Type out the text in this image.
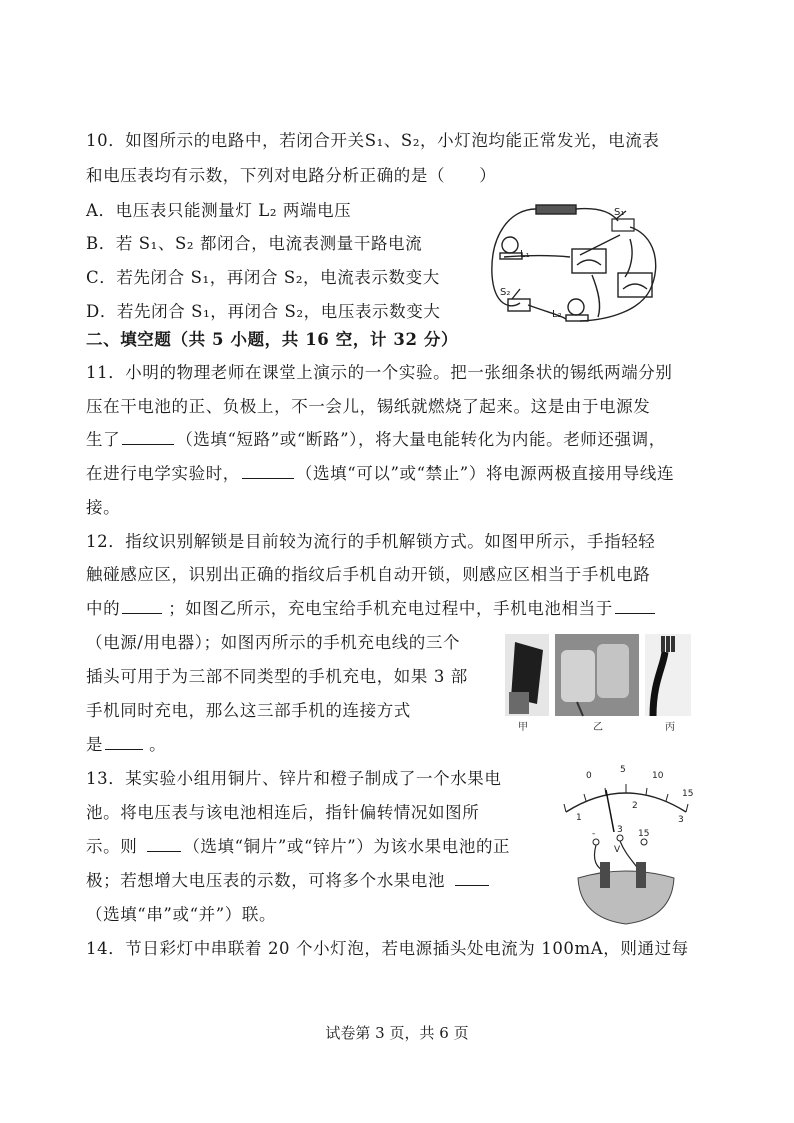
10．如图所示的电路中，若闭合开关S₁、S₂，小灯泡均能正常发光，电流表
和电压表均有示数，下列对电路分析正确的是（　　）
A．电压表只能测量灯 L₂ 两端电压
B．若 S₁、S₂ 都闭合，电流表测量干路电流
C．若先闭合 S₁，再闭合 S₂，电流表示数变大
D．若先闭合 S₁，再闭合 S₂，电压表示数变大
S₁
L₁
S₂
L₂
二、填空题（共 5 小题，共 16 空，计 32 分）
11．小明的物理老师在课堂上演示的一个实验。把一张细条状的锡纸两端分别
压在干电池的正、负极上，不一会儿，锡纸就燃烧了起来。这是由于电源发
生了	（选填“短路”或“断路”），将大量电能转化为内能。老师还强调，
在进行电学实验时，	（选填“可以”或“禁止”）将电源两极直接用导线连
接。
12．指纹识别解锁是目前较为流行的手机解锁方式。如图甲所示，手指轻轻
触碰感应区，识别出正确的指纹后手机自动开锁，则感应区相当于手机电路
中的	；如图乙所示，充电宝给手机充电过程中，手机电池相当于
（电源/用电器）；如图丙所示的手机充电线的三个
插头可用于为三部不同类型的手机充电，如果 3 部
手机同时充电，那么这三部手机的连接方式
是	。
甲	乙	丙
13．某实验小组用铜片、锌片和橙子制成了一个水果电
池。将电压表与该电池相连后，指针偏转情况如图所
示。则	（选填“铜片”或“锌片”）为该水果电池的正
极；若想增大电压表的示数，可将多个水果电池
（选填“串”或“并”）联。
0
5
10
15
1
2
3
- 3 15
V
14．节日彩灯中串联着 20 个小灯泡，若电源插头处电流为 100mA，则通过每
试卷第 3 页，共 6 页
